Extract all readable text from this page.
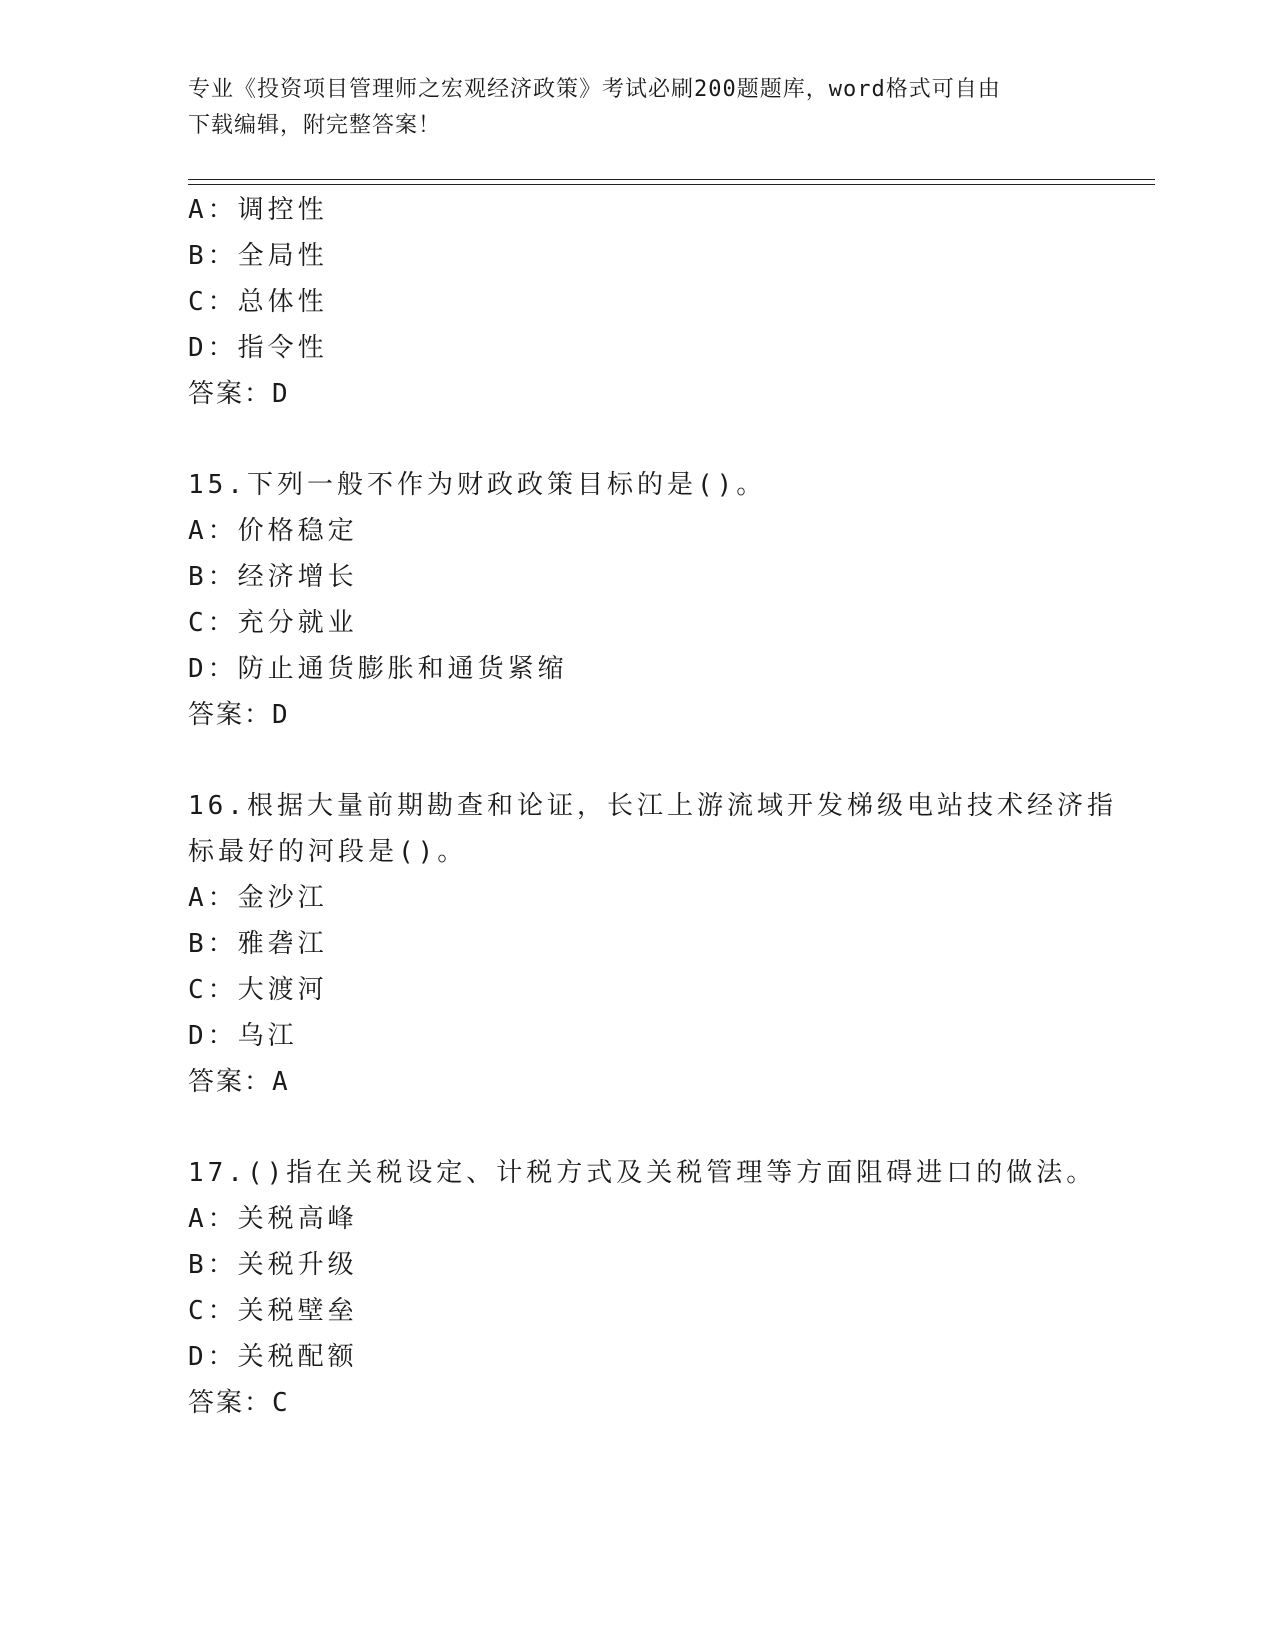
专业《投资项目管理师之宏观经济政策》考试必刷200题题库，word格式可自由
下载编辑，附完整答案！
A：调控性
B：全局性
C：总体性
D：指令性
答案：D
15.下列一般不作为财政政策目标的是()。
A：价格稳定
B：经济增长
C：充分就业
D：防止通货膨胀和通货紧缩
答案：D
16.根据大量前期勘查和论证，长江上游流域开发梯级电站技术经济指
标最好的河段是()。
A：金沙江
B：雅砻江
C：大渡河
D：乌江
答案：A
17.()指在关税设定、计税方式及关税管理等方面阻碍进口的做法。
A：关税高峰
B：关税升级
C：关税壁垒
D：关税配额
答案：C
